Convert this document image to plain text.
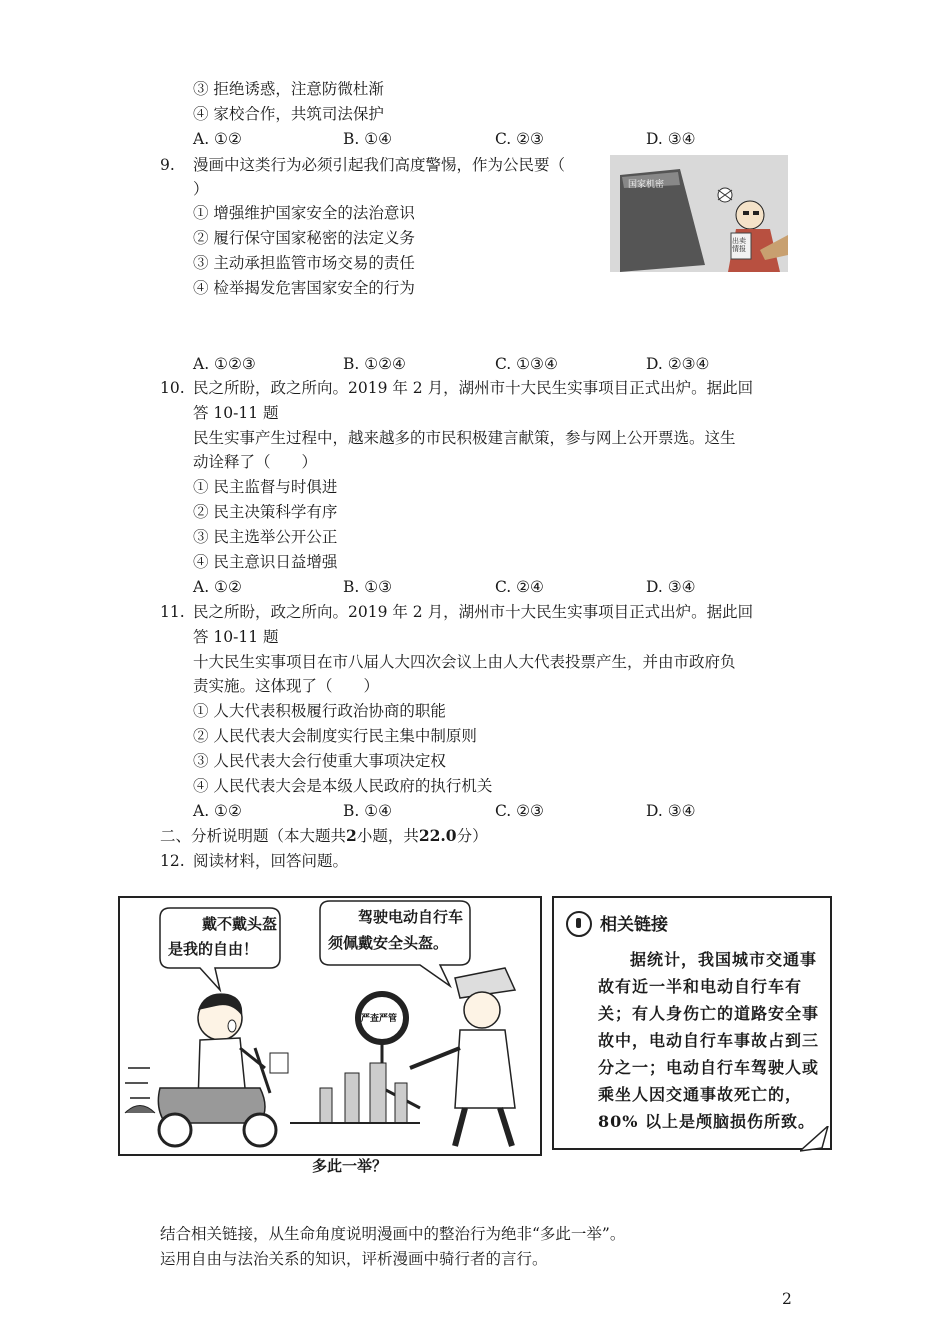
③ 拒绝诱惑，注意防微杜渐
④ 家校合作，共筑司法保护
A. ①②	B. ①④	C. ②③	D. ③④
9. 漫画中这类行为必须引起我们高度警惕，作为公民要（
）
① 增强维护国家安全的法治意识
② 履行保守国家秘密的法定义务
③ 主动承担监管市场交易的责任
④ 检举揭发危害国家安全的行为
国家机密
出卖情报
A. ①②③	B. ①②④	C. ①③④	D. ②③④
10. 民之所盼，政之所向。2019 年 2 月，湖州市十大民生实事项目正式出炉。据此回
答 10-11 题
民生实事产生过程中，越来越多的市民积极建言献策，参与网上公开票选。这生
动诠释了（　　）
① 民主监督与时俱进
② 民主决策科学有序
③ 民主选举公开公正
④ 民主意识日益增强
A. ①②	B. ①③	C. ②④	D. ③④
11. 民之所盼，政之所向。2019 年 2 月，湖州市十大民生实事项目正式出炉。据此回
答 10-11 题
十大民生实事项目在市八届人大四次会议上由人大代表投票产生，并由市政府负
责实施。这体现了（　　）
① 人大代表积极履行政治协商的职能
② 人民代表大会制度实行民主集中制原则
③ 人民代表大会行使重大事项决定权
④ 人民代表大会是本级人民政府的执行机关
A. ①②	B. ①④	C. ②③	D. ③④
二、分析说明题（本大题共2小题，共22.0分）
12. 阅读材料，回答问题。
戴不戴头盔
是我的自由！
驾驶电动自行车
须佩戴安全头盔。
严查严管
多此一举？
相关链接
据统计，我国城市交通事故有近一半和电动自行车有关；有人身伤亡的道路安全事故中，电动自行车事故占到三分之一；电动自行车驾驶人或乘坐人因交通事故死亡的，80% 以上是颅脑损伤所致。
结合相关链接，从生命角度说明漫画中的整治行为绝非“多此一举”。
运用自由与法治关系的知识，评析漫画中骑行者的言行。
2
